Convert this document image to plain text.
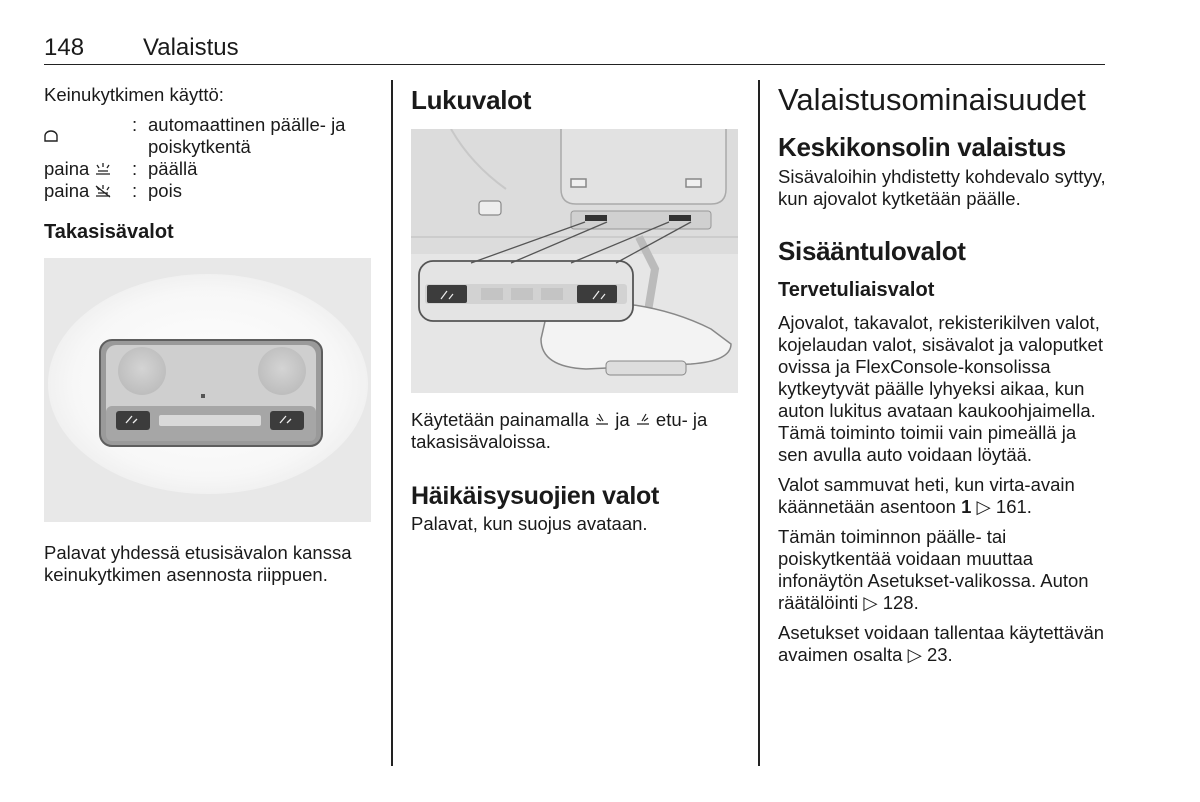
148 Valaistus

Keinukytkimen käyttö:

: automaattinen päälle- ja poiskytkentä
paina : päällä
paina : pois
Takasisävalot

Palavat yhdessä etusisävalon kanssa keinukytkimen asennosta riippuen.

Lukuvalot

Käytetään painamalla ja etu- ja takasisävaloissa.

Häikäisysuojien valot

Palavat, kun suojus avataan.

Valaistusominaisuudet
Keskikonsolin valaistus

Sisävaloihin yhdistetty kohdevalo syttyy, kun ajovalot kytketään päälle.

Sisääntulovalot
Tervetuliaisvalot

Ajovalot, takavalot, rekisterikilven valot, kojelaudan valot, sisävalot ja valoputket ovissa ja FlexConsole-konsolissa kytkeytyvät päälle lyhyeksi aikaa, kun auton lukitus avataan kaukoohjaimella. Tämä toiminto toimii vain pimeällä ja sen avulla auto voidaan löytää.

Valot sammuvat heti, kun virta-avain käännetään asentoon 1 ▷ 161.

Tämän toiminnon päälle- tai poiskytkentää voidaan muuttaa infonäytön Asetukset-valikossa. Auton räätälöinti ▷ 128.

Asetukset voidaan tallentaa käytettävän avaimen osalta ▷ 23.
